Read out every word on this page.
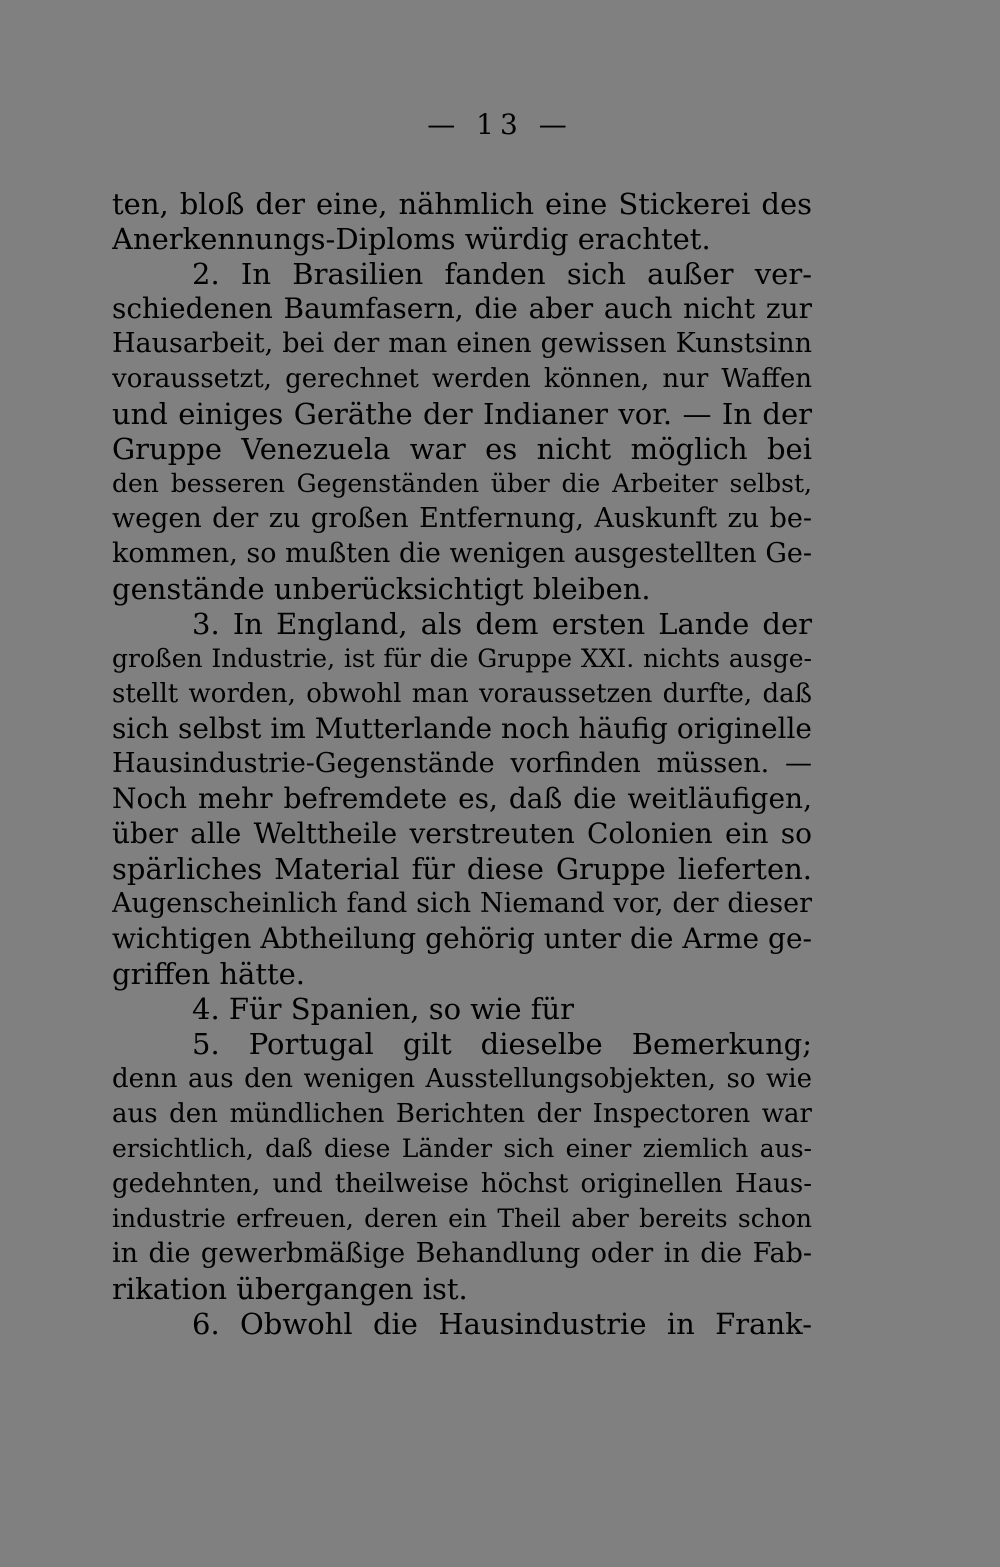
— 13 —
ten, bloß der eine, nähmlich eine Stickerei des
Anerkennungs-Diploms würdig erachtet.
2. In Brasilien fanden sich außer ver-
schiedenen Baumfasern, die aber auch nicht zur
Hausarbeit, bei der man einen gewissen Kunstsinn
voraussetzt, gerechnet werden können, nur Waffen
und einiges Geräthe der Indianer vor. — In der
Gruppe Venezuela war es nicht möglich bei
den besseren Gegenständen über die Arbeiter selbst,
wegen der zu großen Entfernung, Auskunft zu be-
kommen, so mußten die wenigen ausgestellten Ge-
genstände unberücksichtigt bleiben.
3. In England, als dem ersten Lande der
großen Industrie, ist für die Gruppe XXI. nichts ausge-
stellt worden, obwohl man voraussetzen durfte, daß
sich selbst im Mutterlande noch häufig originelle
Hausindustrie-Gegenstände vorfinden müssen. —
Noch mehr befremdete es, daß die weitläufigen,
über alle Welttheile verstreuten Colonien ein so
spärliches Material für diese Gruppe lieferten.
Augenscheinlich fand sich Niemand vor, der dieser
wichtigen Abtheilung gehörig unter die Arme ge-
griffen hätte.
4. Für Spanien, so wie für
5. Portugal gilt dieselbe Bemerkung;
denn aus den wenigen Ausstellungsobjekten, so wie
aus den mündlichen Berichten der Inspectoren war
ersichtlich, daß diese Länder sich einer ziemlich aus-
gedehnten, und theilweise höchst originellen Haus-
industrie erfreuen, deren ein Theil aber bereits schon
in die gewerbmäßige Behandlung oder in die Fab-
rikation übergangen ist.
6. Obwohl die Hausindustrie in Frank-
